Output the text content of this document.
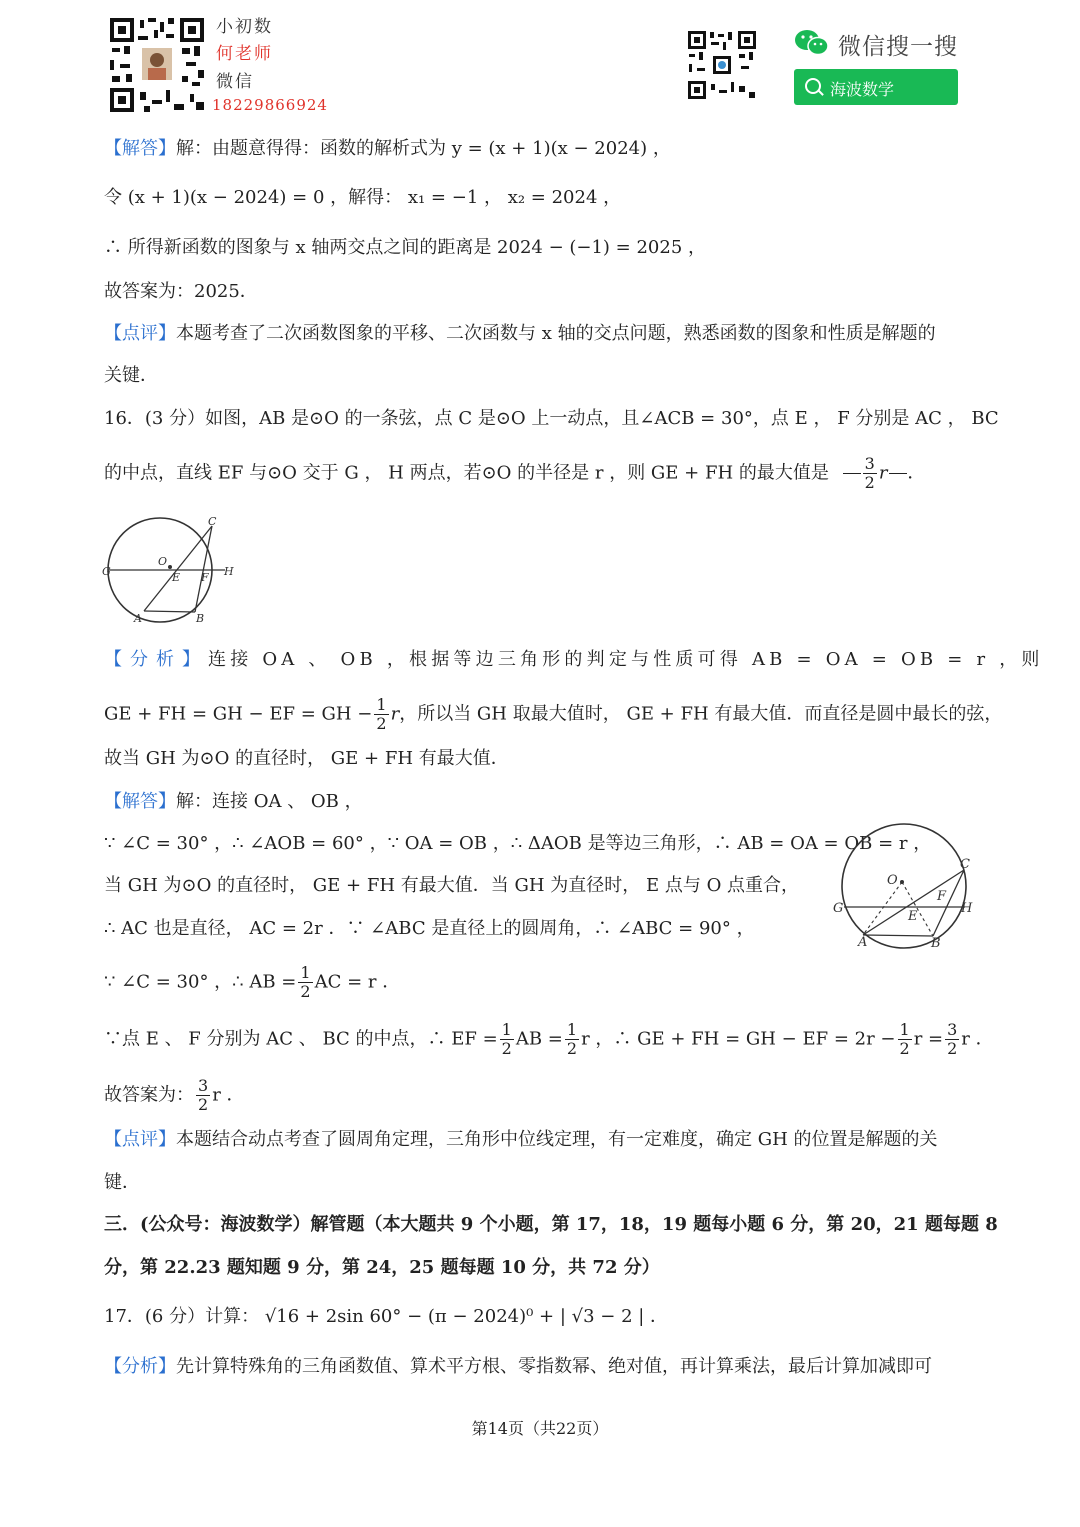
小初数
何老师
微信
18229866924
微信搜一搜
海波数学
【解答】解：由题意得得：函数的解析式为 y = (x + 1)(x − 2024) ，
令 (x + 1)(x − 2024) = 0 ，解得： x₁ = −1 ， x₂ = 2024 ，
∴ 所得新函数的图象与 x 轴两交点之间的距离是 2024 − (−1) = 2025 ，
故答案为：2025．
【点评】本题考查了二次函数图象的平移、二次函数与 x 轴的交点问题，熟悉函数的图象和性质是解题的
关键．
16．(3 分）如图，AB 是⊙O 的一条弦，点 C 是⊙O 上一动点，且∠ACB = 30°，点 E ， F 分别是 AC ， BC
的中点，直线 EF 与⊙O 交于 G ， H 两点，若⊙O 的半径是 r ，则 GE + FH 的最大值是 $\frac{3}{2}$ r ．
C
O
G	E F H
A	B
【分析】连接 OA 、 OB ，根据等边三角形的判定与性质可得 AB = OA = OB = r ，则
GE + FH = GH − EF = GH − $\frac{1}{2}$ r，所以当 GH 取最大值时， GE + FH 有最大值．而直径是圆中最长的弦，
故当 GH 为⊙O 的直径时， GE + FH 有最大值．
【解答】解：连接 OA 、 OB ，
∵ ∠C = 30° ，∴ ∠AOB = 60° ，∵ OA = OB ，∴ ΔAOB 是等边三角形，∴ AB = OA = OB = r ，
当 GH 为⊙O 的直径时， GE + FH 有最大值．当 GH 为直径时， E 点与 O 点重合，
∴ AC 也是直径， AC = 2r ．∵ ∠ABC 是直径上的圆周角，∴ ∠ABC = 90° ，
∵ ∠C = 30° ，∴ AB = $\frac{1}{2}$ AC = r ．
∵点 E 、 F 分别为 AC 、 BC 的中点，∴ EF = $\frac{1}{2}$ AB = $\frac{1}{2}$ r ，∴ GE + FH = GH − EF = $2r - \frac{1}{2}$ $r = \frac{3}{2}$ r ．
故答案为： $\frac{3}{2}$ r ．
C
O
G
E
F
H
A	B
【点评】本题结合动点考查了圆周角定理，三角形中位线定理，有一定难度，确定 GH 的位置是解题的关
键．
三．(公众号：海波数学）解管题（本大题共 9 个小题，第 17，18，19 题每小题 6 分，第 20，21 题每题 8
分，第 22.23 题知题 9 分，第 24，25 题每题 10 分，共 72 分）
17．(6 分）计算： √16 + 2sin 60° − (π − 2024)⁰ + | √3 − 2 | ．
【分析】先计算特殊角的三角函数值、算术平方根、零指数幂、绝对值，再计算乘法，最后计算加减即可
第14页（共22页）
